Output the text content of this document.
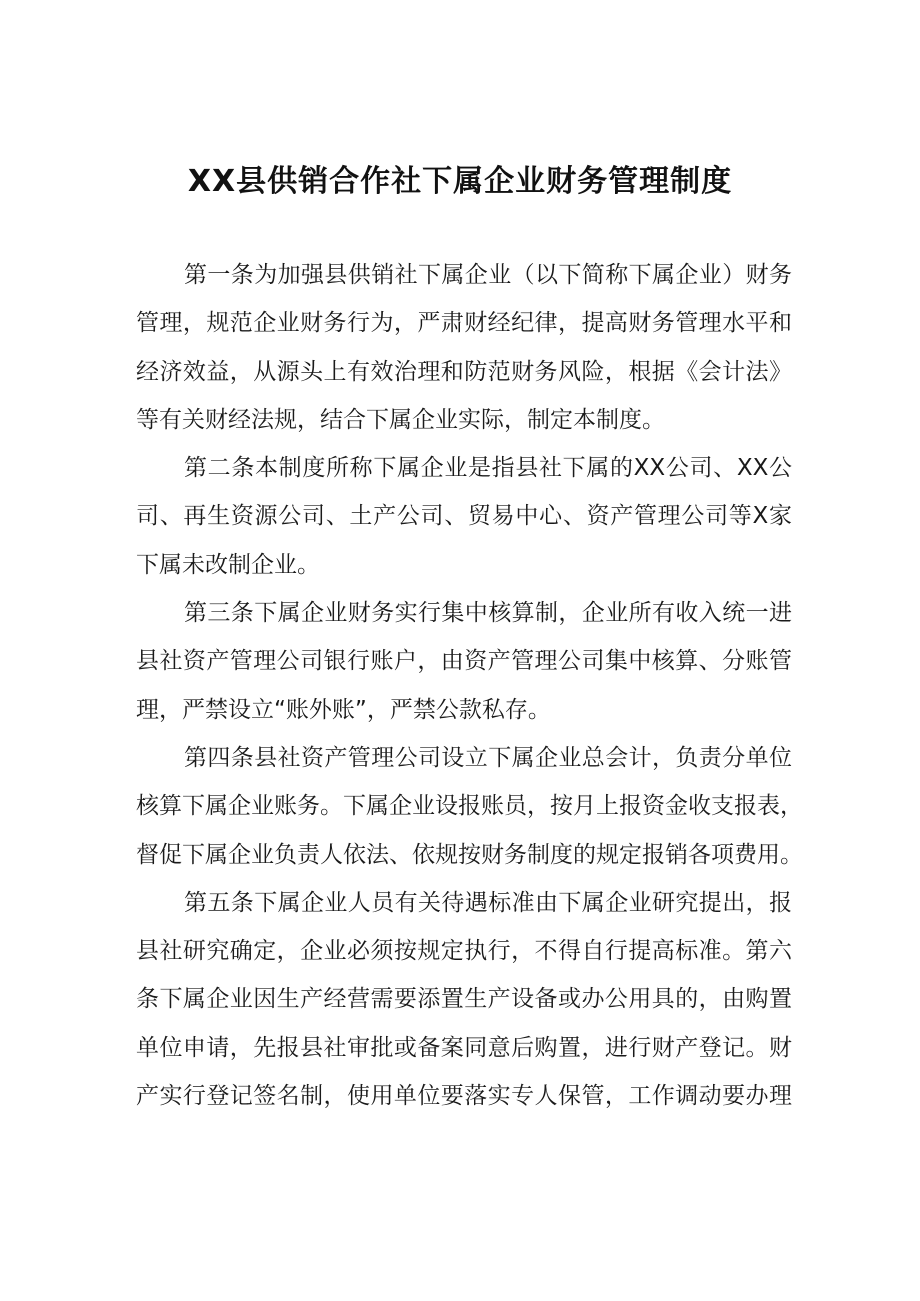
XX县供销合作社下属企业财务管理制度
第一条为加强县供销社下属企业（以下简称下属企业）财务
管理，规范企业财务行为，严肃财经纪律，提高财务管理水平和
经济效益，从源头上有效治理和防范财务风险，根据《会计法》
等有关财经法规，结合下属企业实际，制定本制度。
第二条本制度所称下属企业是指县社下属的XX公司、XX公
司、再生资源公司、土产公司、贸易中心、资产管理公司等X家
下属未改制企业。
第三条下属企业财务实行集中核算制，企业所有收入统一进
县社资产管理公司银行账户，由资产管理公司集中核算、分账管
理，严禁设立“账外账”，严禁公款私存。
第四条县社资产管理公司设立下属企业总会计，负责分单位
核算下属企业账务。下属企业设报账员，按月上报资金收支报表，
督促下属企业负责人依法、依规按财务制度的规定报销各项费用。
第五条下属企业人员有关待遇标准由下属企业研究提出，报
县社研究确定，企业必须按规定执行，不得自行提高标准。第六
条下属企业因生产经营需要添置生产设备或办公用具的，由购置
单位申请，先报县社审批或备案同意后购置，进行财产登记。财
产实行登记签名制，使用单位要落实专人保管，工作调动要办理
